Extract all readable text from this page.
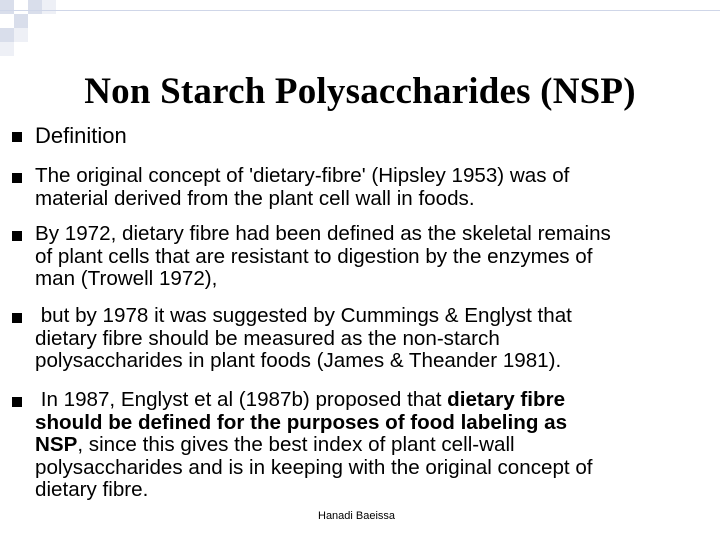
Non Starch Polysaccharides (NSP)
Definition
The original concept of 'dietary-fibre' (Hipsley 1953) was of
material derived from the plant cell wall in foods.
By 1972, dietary fibre had been defined as the skeletal remains
of plant cells that are resistant to digestion by the enzymes of
man (Trowell 1972),
but by 1978 it was suggested by Cummings & Englyst that
dietary fibre should be measured as the non-starch
polysaccharides in plant foods (James & Theander 1981).
In 1987, Englyst et al (1987b) proposed that dietary fibre
should be defined for the purposes of food labeling as
NSP, since this gives the best index of plant cell-wall
polysaccharides and is in keeping with the original concept of
dietary fibre.
Hanadi Baeissa
